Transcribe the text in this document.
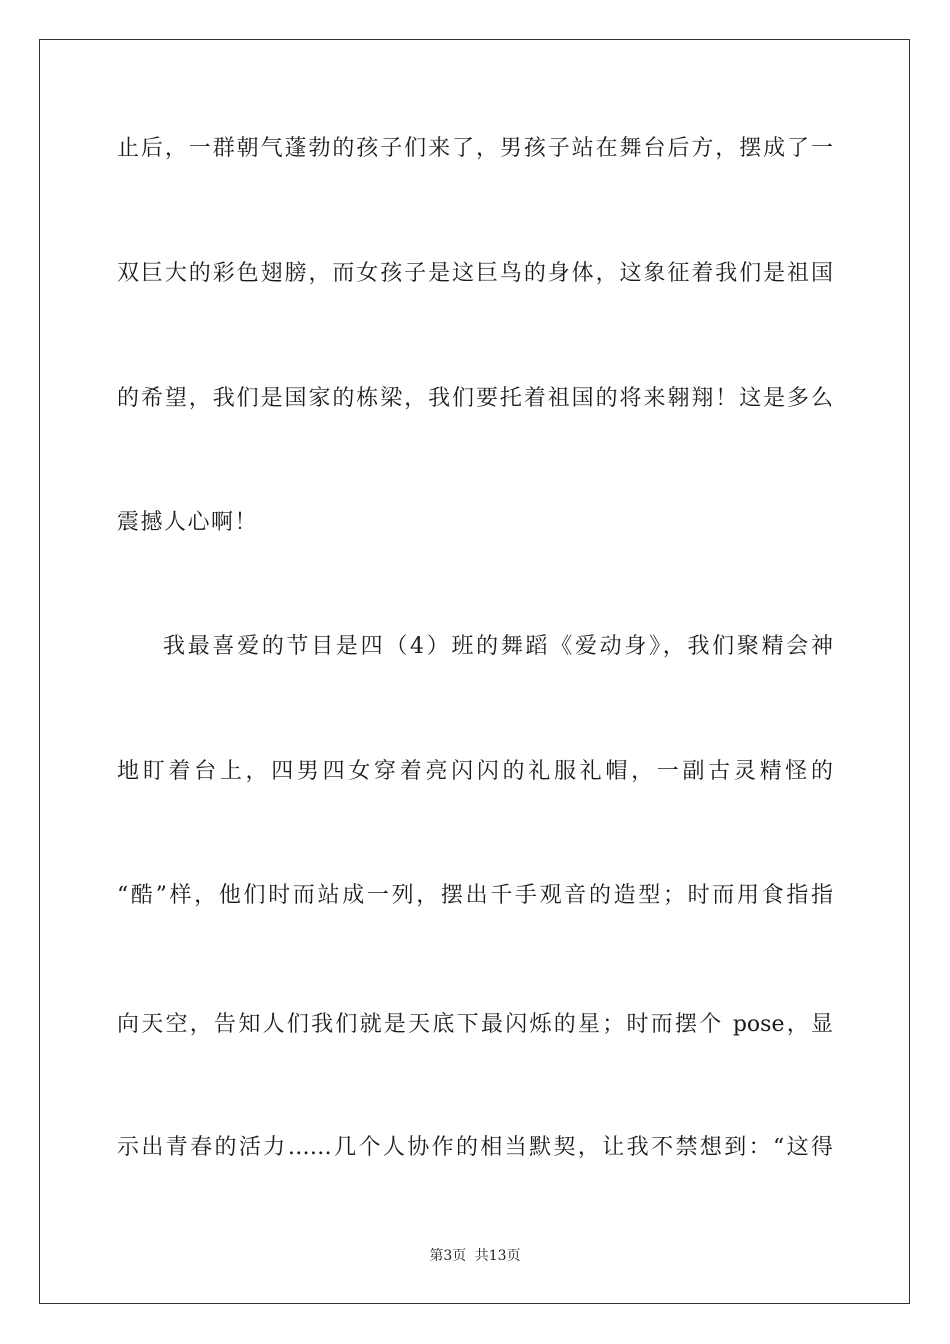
止后，一群朝气蓬勃的孩子们来了，男孩子站在舞台后方，摆成了一
双巨大的彩色翅膀，而女孩子是这巨鸟的身体，这象征着我们是祖国
的希望，我们是国家的栋梁，我们要托着祖国的将来翱翔！这是多么
震撼人心啊！
我最喜爱的节目是四（4）班的舞蹈《爱动身》，我们聚精会神
地盯着台上，四男四女穿着亮闪闪的礼服礼帽，一副古灵精怪的
“酷”样，他们时而站成一列，摆出千手观音的造型；时而用食指指
向天空，告知人们我们就是天底下最闪烁的星；时而摆个 pose，显
示出青春的活力……几个人协作的相当默契，让我不禁想到：“这得
第3页 共13页
